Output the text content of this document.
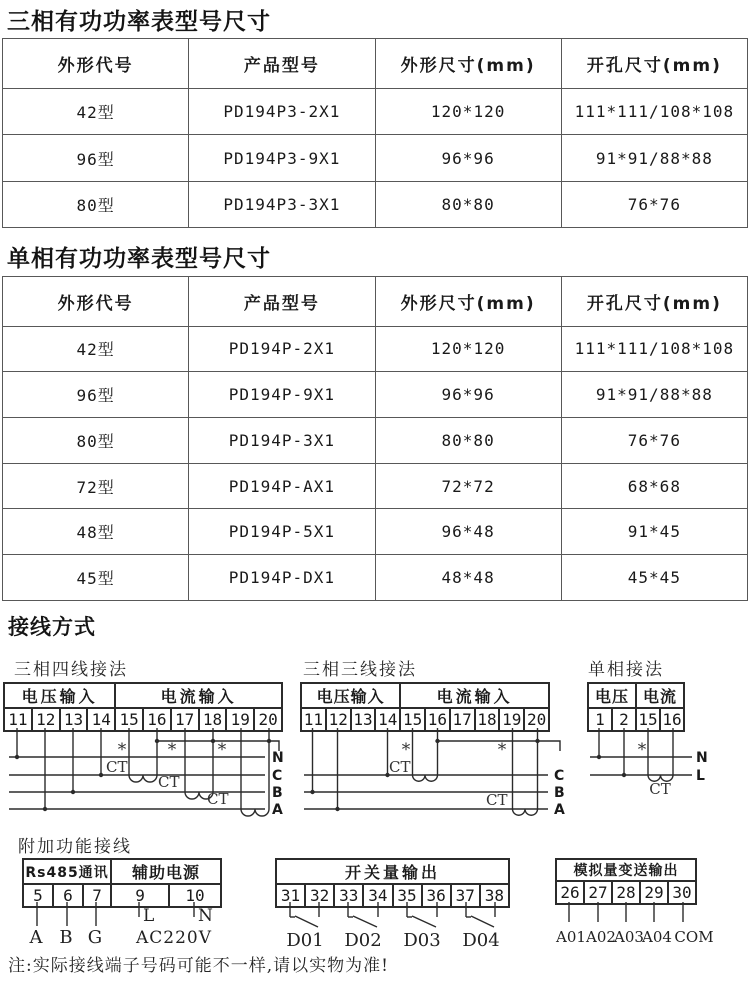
三相有功功率表型号尺寸
外形代号	产品型号	外形尺寸(mm)	开孔尺寸(mm)
42型	PD194P3-2X1	120*120	111*111/108*108
96型	PD194P3-9X1	96*96	91*91/88*88
80型	PD194P3-3X1	80*80	76*76
单相有功功率表型号尺寸
外形代号	产品型号	外形尺寸(mm)	开孔尺寸(mm)
42型	PD194P-2X1	120*120	111*111/108*108
96型	PD194P-9X1	96*96	91*91/88*88
80型	PD194P-3X1	80*80	76*76
72型	PD194P-AX1	72*72	68*68
48型	PD194P-5X1	96*48	91*45
45型	PD194P-DX1	48*48	45*45
接线方式
三相四线接法
电压输入				电流输入					
11	12	13	14	15	16	17	18	19	20
* * *
CT
CT
CT
N
C
B
A
三相三线接法
电压输入				电流输入					
11	12	13	14	15	16	17	18	19	20
*	*
CT
CT
C
B
A
单相接法
电压		电流	
1	2	15	16
*
CT
N
L
附加功能接线
Rs485通讯			辅助电源	
5	6	7	9	10
A B G
L	N
AC220V
开关量输出
31	32	33	34	35	36	37	38
D01 D02 D03 D04
模拟量变送输出
26	27	28	29	30
A01 A02
A03
A04 COM
注:实际接线端子号码可能不一样,请以实物为准!
